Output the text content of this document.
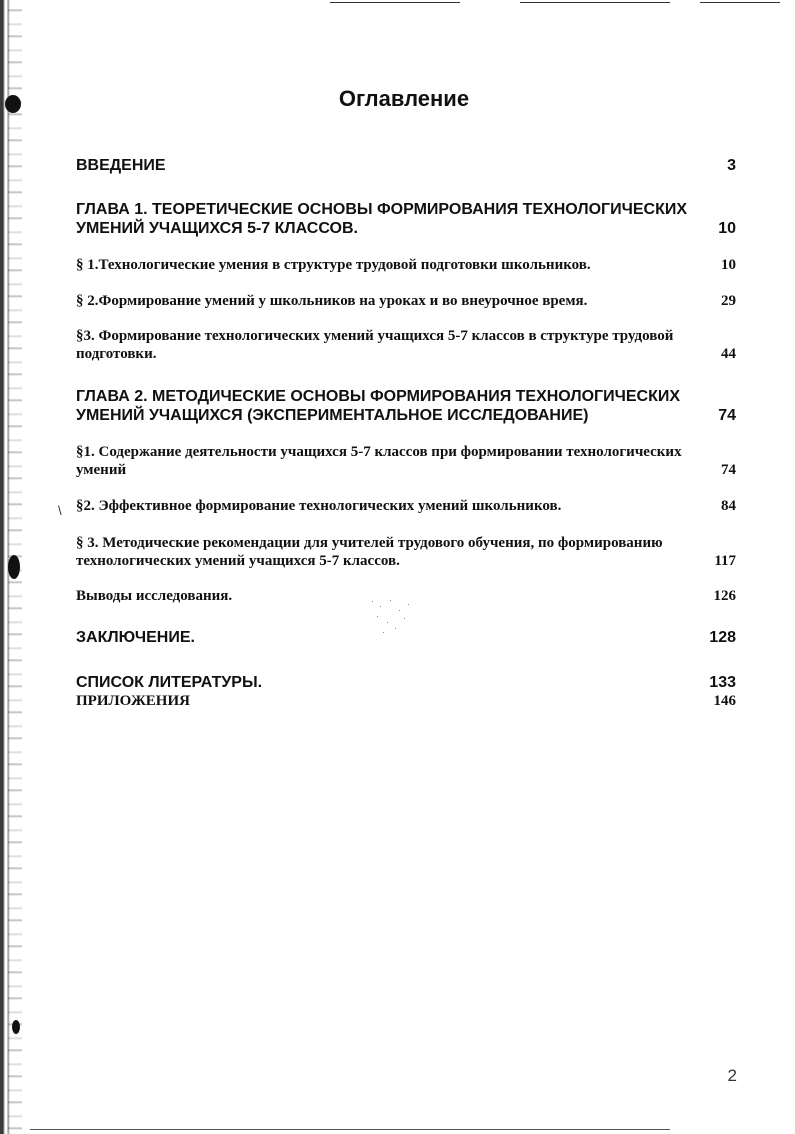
Оглавление
ВВЕДЕНИЕ	3
ГЛАВА 1. ТЕОРЕТИЧЕСКИЕ ОСНОВЫ ФОРМИРОВАНИЯ ТЕХНОЛОГИЧЕСКИХ УМЕНИЙ УЧАЩИХСЯ 5-7 КЛАССОВ.	10
§ 1.Технологические умения в структуре трудовой подготовки школьников.	10
§ 2.Формирование умений у школьников на уроках и во внеурочное время.	29
§3. Формирование технологических умений учащихся 5-7 классов в структуре трудовой подготовки.	44
ГЛАВА 2. МЕТОДИЧЕСКИЕ ОСНОВЫ ФОРМИРОВАНИЯ ТЕХНОЛОГИЧЕСКИХ УМЕНИЙ УЧАЩИХСЯ (ЭКСПЕРИМЕНТАЛЬНОЕ ИССЛЕДОВАНИЕ)	74
§1. Содержание деятельности учащихся 5-7 классов при формировании технологических умений	74
\ §2. Эффективное формирование технологических умений школьников.	84
§ 3. Методические рекомендации для учителей трудового обучения, по формированию технологических умений учащихся 5-7 классов.	117
Выводы исследования.	126
ЗАКЛЮЧЕНИЕ.	128
СПИСОК ЛИТЕРАТУРЫ.	133
ПРИЛОЖЕНИЯ	146
2
